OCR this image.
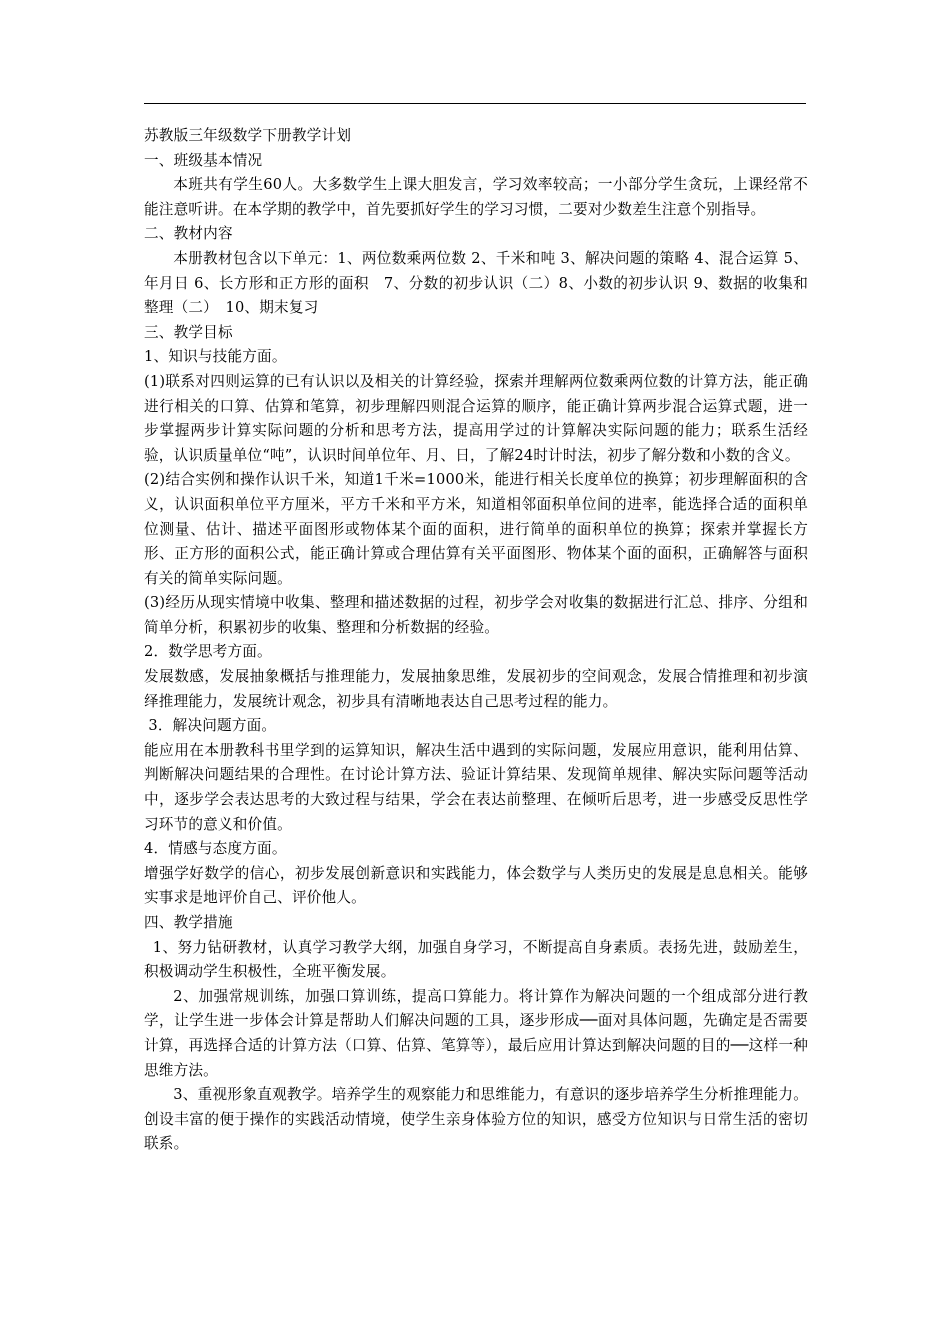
苏教版三年级数学下册教学计划

一、班级基本情况

本班共有学生60人。大多数学生上课大胆发言，学习效率较高；一小部分学生贪玩，上课经常不能注意听讲。在本学期的教学中，首先要抓好学生的学习习惯，二要对少数差生注意个别指导。

二、教材内容

本册教材包含以下单元：1、两位数乘两位数 2、千米和吨 3、解决问题的策略 4、混合运算 5、年月日 6、长方形和正方形的面积　7、分数的初步认识（二）8、小数的初步认识 9、数据的收集和整理（二）　10、期末复习

三、教学目标

1、知识与技能方面。

(1)联系对四则运算的已有认识以及相关的计算经验，探索并理解两位数乘两位数的计算方法，能正确进行相关的口算、估算和笔算，初步理解四则混合运算的顺序，能正确计算两步混合运算式题，进一步掌握两步计算实际问题的分析和思考方法，提高用学过的计算解决实际问题的能力；联系生活经验，认识质量单位“吨”，认识时间单位年、月、日，了解24时计时法，初步了解分数和小数的含义。

(2)结合实例和操作认识千米，知道1千米=1000米，能进行相关长度单位的换算；初步理解面积的含义，认识面积单位平方厘米，平方千米和平方米，知道相邻面积单位间的进率，能选择合适的面积单位测量、估计、描述平面图形或物体某个面的面积，进行简单的面积单位的换算；探索并掌握长方形、正方形的面积公式，能正确计算或合理估算有关平面图形、物体某个面的面积，正确解答与面积有关的简单实际问题。

(3)经历从现实情境中收集、整理和描述数据的过程，初步学会对收集的数据进行汇总、排序、分组和简单分析，积累初步的收集、整理和分析数据的经验。

2．数学思考方面。

发展数感，发展抽象概括与推理能力，发展抽象思维，发展初步的空间观念，发展合情推理和初步演绎推理能力，发展统计观念，初步具有清晰地表达自己思考过程的能力。

3．解决问题方面。

能应用在本册教科书里学到的运算知识，解决生活中遇到的实际问题，发展应用意识，能利用估算、判断解决问题结果的合理性。在讨论计算方法、验证计算结果、发现简单规律、解决实际问题等活动中，逐步学会表达思考的大致过程与结果，学会在表达前整理、在倾听后思考，进一步感受反思性学习环节的意义和价值。

4．情感与态度方面。

增强学好数学的信心，初步发展创新意识和实践能力，体会数学与人类历史的发展是息息相关。能够实事求是地评价自己、评价他人。

四、教学措施

1、努力钻研教材，认真学习教学大纲，加强自身学习，不断提高自身素质。表扬先进，鼓励差生，积极调动学生积极性，全班平衡发展。

2、加强常规训练，加强口算训练，提高口算能力。将计算作为解决问题的一个组成部分进行教学，让学生进一步体会计算是帮助人们解决问题的工具，逐步形成──面对具体问题，先确定是否需要计算，再选择合适的计算方法（口算、估算、笔算等），最后应用计算达到解决问题的目的──这样一种思维方法。

3、重视形象直观教学。培养学生的观察能力和思维能力，有意识的逐步培养学生分析推理能力。创设丰富的便于操作的实践活动情境，使学生亲身体验方位的知识，感受方位知识与日常生活的密切联系。
